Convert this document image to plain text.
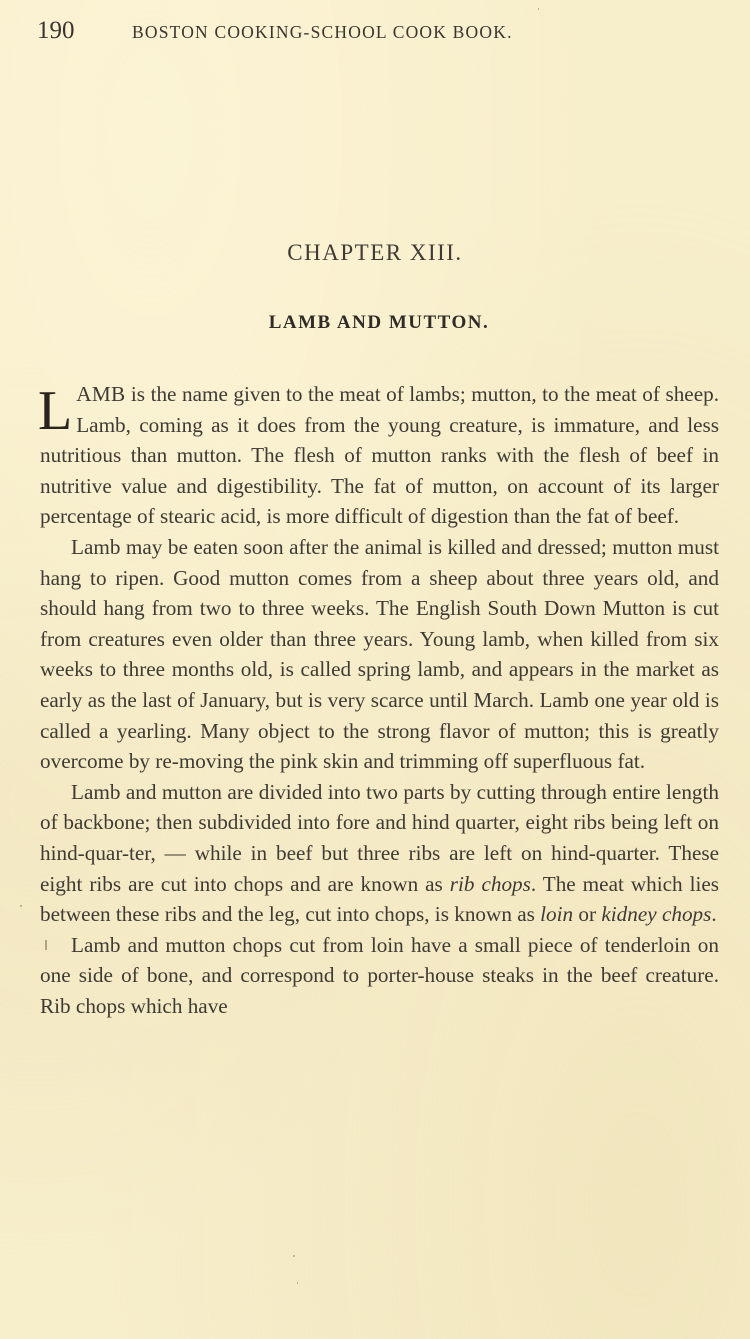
190	BOSTON COOKING-SCHOOL COOK BOOK.
CHAPTER XIII.
LAMB AND MUTTON.

LAMB is the name given to the meat of lambs; mutton, to the meat of sheep. Lamb, coming as it does from the young creature, is immature, and less nutritious than mutton. The flesh of mutton ranks with the flesh of beef in nutritive value and digestibility. The fat of mutton, on account of its larger percentage of stearic acid, is more difficult of digestion than the fat of beef.

Lamb may be eaten soon after the animal is killed and dressed; mutton must hang to ripen. Good mutton comes from a sheep about three years old, and should hang from two to three weeks. The English South Down Mutton is cut from creatures even older than three years. Young lamb, when killed from six weeks to three months old, is called spring lamb, and appears in the market as early as the last of January, but is very scarce until March. Lamb one year old is called a yearling. Many object to the strong flavor of mutton; this is greatly overcome by re-moving the pink skin and trimming off superfluous fat.

Lamb and mutton are divided into two parts by cutting through entire length of backbone; then subdivided into fore and hind quarter, eight ribs being left on hind-quar-ter, — while in beef but three ribs are left on hind-quarter. These eight ribs are cut into chops and are known as rib chops. The meat which lies between these ribs and the leg, cut into chops, is known as loin or kidney chops.

Lamb and mutton chops cut from loin have a small piece of tenderloin on one side of bone, and correspond to porter-house steaks in the beef creature. Rib chops which have
